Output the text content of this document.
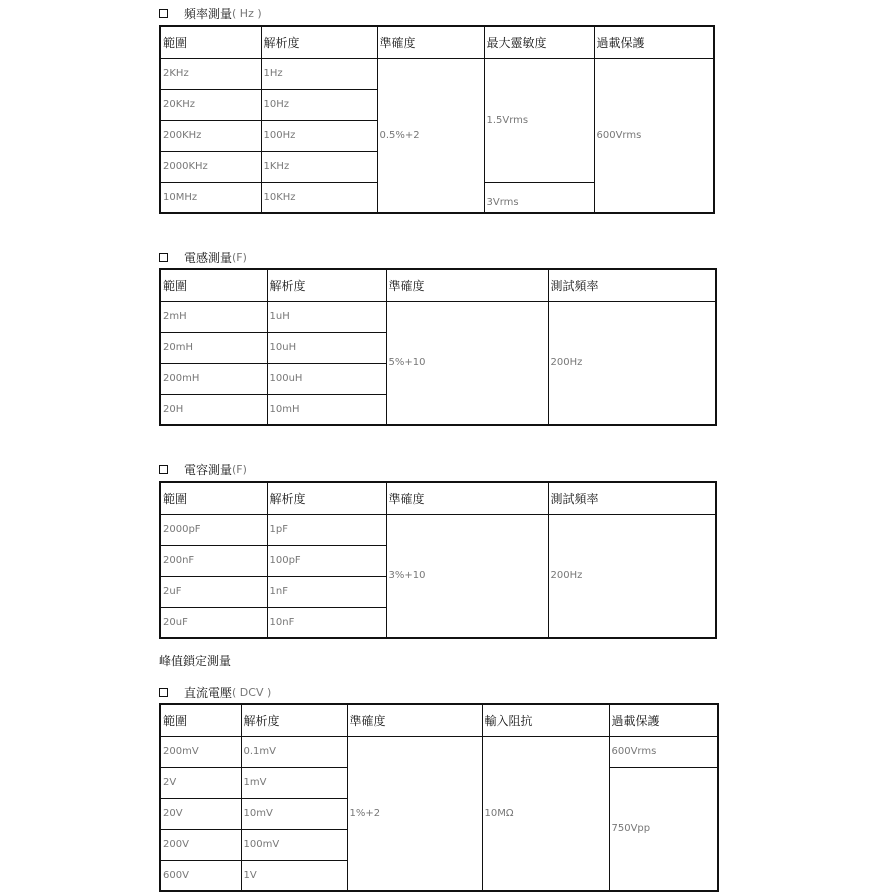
頻率測量 ( Hz )
範圍	解析度	準確度	最大靈敏度	過載保護
2KHz	1Hz	0.5%+2	1.5Vrms	600Vrms
20KHz	10Hz			
200KHz	100Hz			
2000KHz	1KHz			
10MHz	10KHz		3Vrms	
電感測量 (F)
範圍	解析度	準確度	測試頻率
2mH	1uH	5%+10	200Hz
20mH	10uH		
200mH	100uH		
20H	10mH		
電容測量 (F)
範圍	解析度	準確度	測試頻率
2000pF	1pF	3%+10	200Hz
200nF	100pF		
2uF	1nF		
20uF	10nF		
峰值鎖定測量
直流電壓 ( DCV )
範圍	解析度	準確度	輸入阻抗	過載保護
200mV	0.1mV	1%+2	10MΩ	600Vrms
2V	1mV			750Vpp
20V	10mV			
200V	100mV			
600V	1V			
